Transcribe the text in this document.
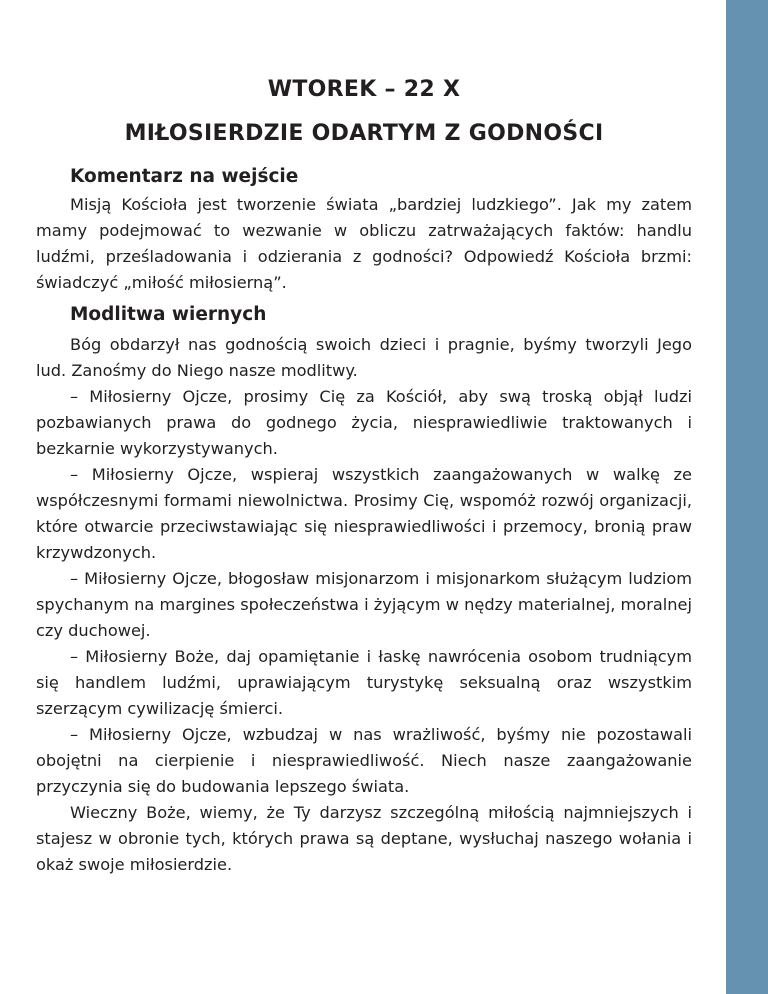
WTOREK – 22 X
MIŁOSIERDZIE ODARTYM Z GODNOŚCI
Komentarz na wejście

Misją Kościoła jest tworzenie świata „bardziej ludzkiego”. Jak my zatem mamy podejmować to wezwanie w obliczu zatrważających faktów: handlu ludźmi, prześladowania i odzierania z godności? Odpowiedź Kościoła brzmi: świadczyć „miłość miłosierną”.

Modlitwa wiernych

Bóg obdarzył nas godnością swoich dzieci i pragnie, byśmy tworzyli Jego lud. Zanośmy do Niego nasze modlitwy.

– Miłosierny Ojcze, prosimy Cię za Kościół, aby swą troską objął ludzi pozbawianych prawa do godnego życia, niesprawiedliwie traktowanych i bezkarnie wykorzystywanych.

– Miłosierny Ojcze, wspieraj wszystkich zaangażowanych w walkę ze współczesnymi formami niewolnictwa. Prosimy Cię, wspomóż rozwój organizacji, które otwarcie przeciwstawiając się niesprawiedliwości i przemocy, bronią praw krzywdzonych.

– Miłosierny Ojcze, błogosław misjonarzom i misjonarkom służącym ludziom spychanym na margines społeczeństwa i żyjącym w nędzy materialnej, moralnej czy duchowej.

– Miłosierny Boże, daj opamiętanie i łaskę nawrócenia osobom trudniącym się handlem ludźmi, uprawiającym turystykę seksualną oraz wszystkim szerzącym cywilizację śmierci.

– Miłosierny Ojcze, wzbudzaj w nas wrażliwość, byśmy nie pozostawali obojętni na cierpienie i niesprawiedliwość. Niech nasze zaangażowanie przyczynia się do budowania lepszego świata.

Wieczny Boże, wiemy, że Ty darzysz szczególną miłością najmniejszych i stajesz w obronie tych, których prawa są deptane, wysłuchaj naszego wołania i okaż swoje miłosierdzie.
